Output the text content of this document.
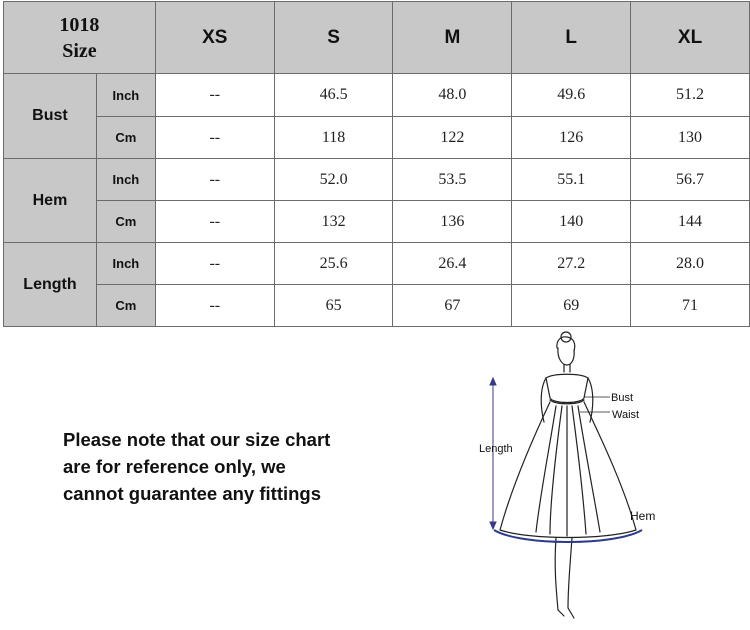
1018
Size		XS	S	M	L	XL
Bust	Inch	--	46.5	48.0	49.6	51.2
	Cm	--	118	122	126	130
Hem	Inch	--	52.0	53.5	55.1	56.7
	Cm	--	132	136	140	144
Length	Inch	--	25.6	26.4	27.2	28.0
	Cm	--	65	67	69	71
Please note that our size chart
are for reference only, we
cannot guarantee any fittings
Length
Bust
Waist
Hem
